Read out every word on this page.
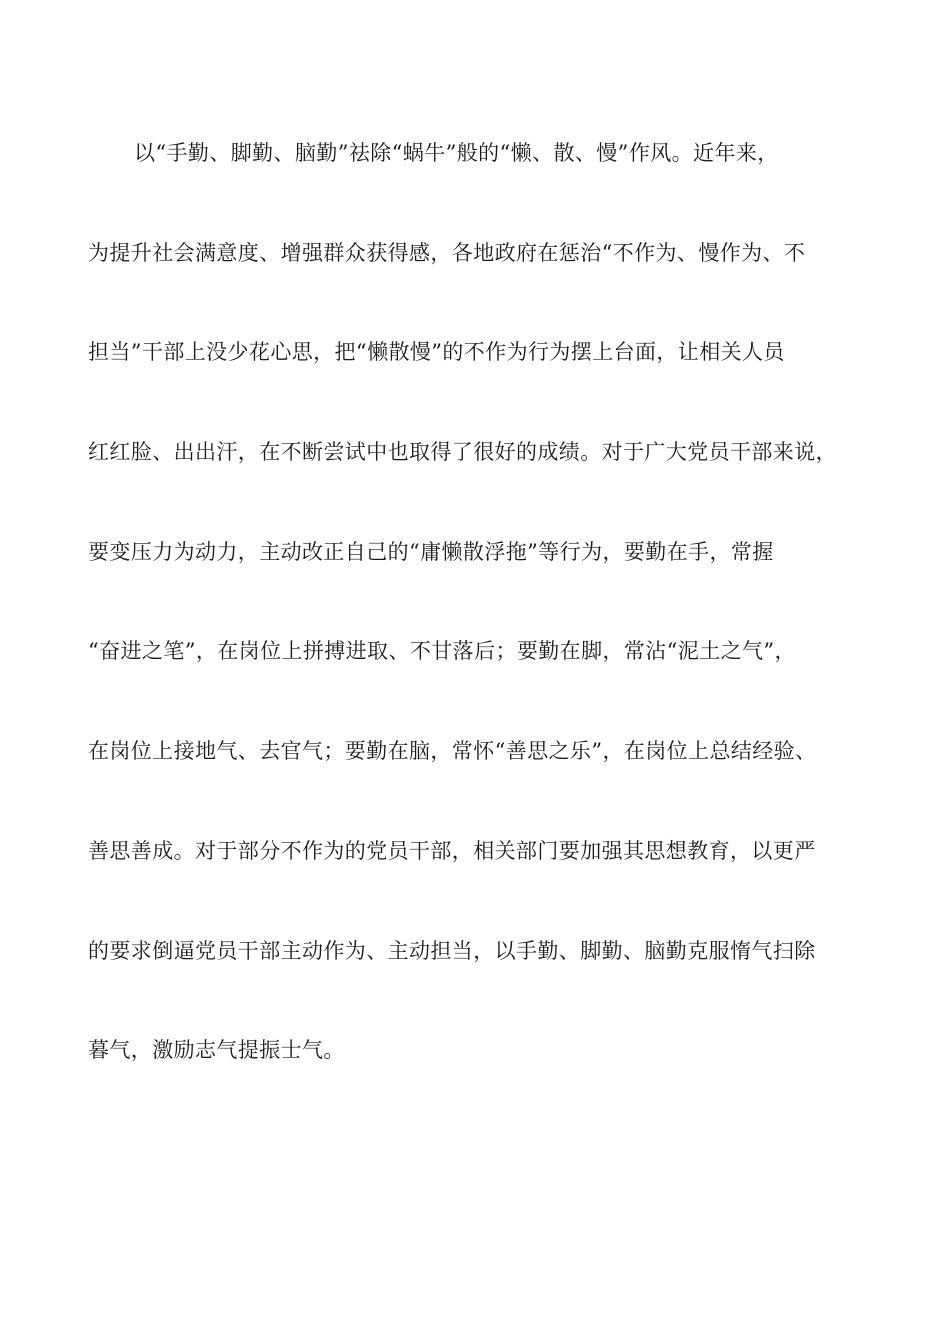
以“手勤、脚勤、脑勤”祛除“蜗牛”般的“懒、散、慢”作风。近年来，
为提升社会满意度、增强群众获得感，各地政府在惩治“不作为、慢作为、不
担当”干部上没少花心思，把“懒散慢”的不作为行为摆上台面，让相关人员
红红脸、出出汗，在不断尝试中也取得了很好的成绩。对于广大党员干部来说，
要变压力为动力，主动改正自己的“庸懒散浮拖”等行为，要勤在手，常握
“奋进之笔”，在岗位上拼搏进取、不甘落后；要勤在脚，常沾“泥土之气”，
在岗位上接地气、去官气；要勤在脑，常怀“善思之乐”，在岗位上总结经验、
善思善成。对于部分不作为的党员干部，相关部门要加强其思想教育，以更严
的要求倒逼党员干部主动作为、主动担当，以手勤、脚勤、脑勤克服惰气扫除
暮气，激励志气提振士气。
